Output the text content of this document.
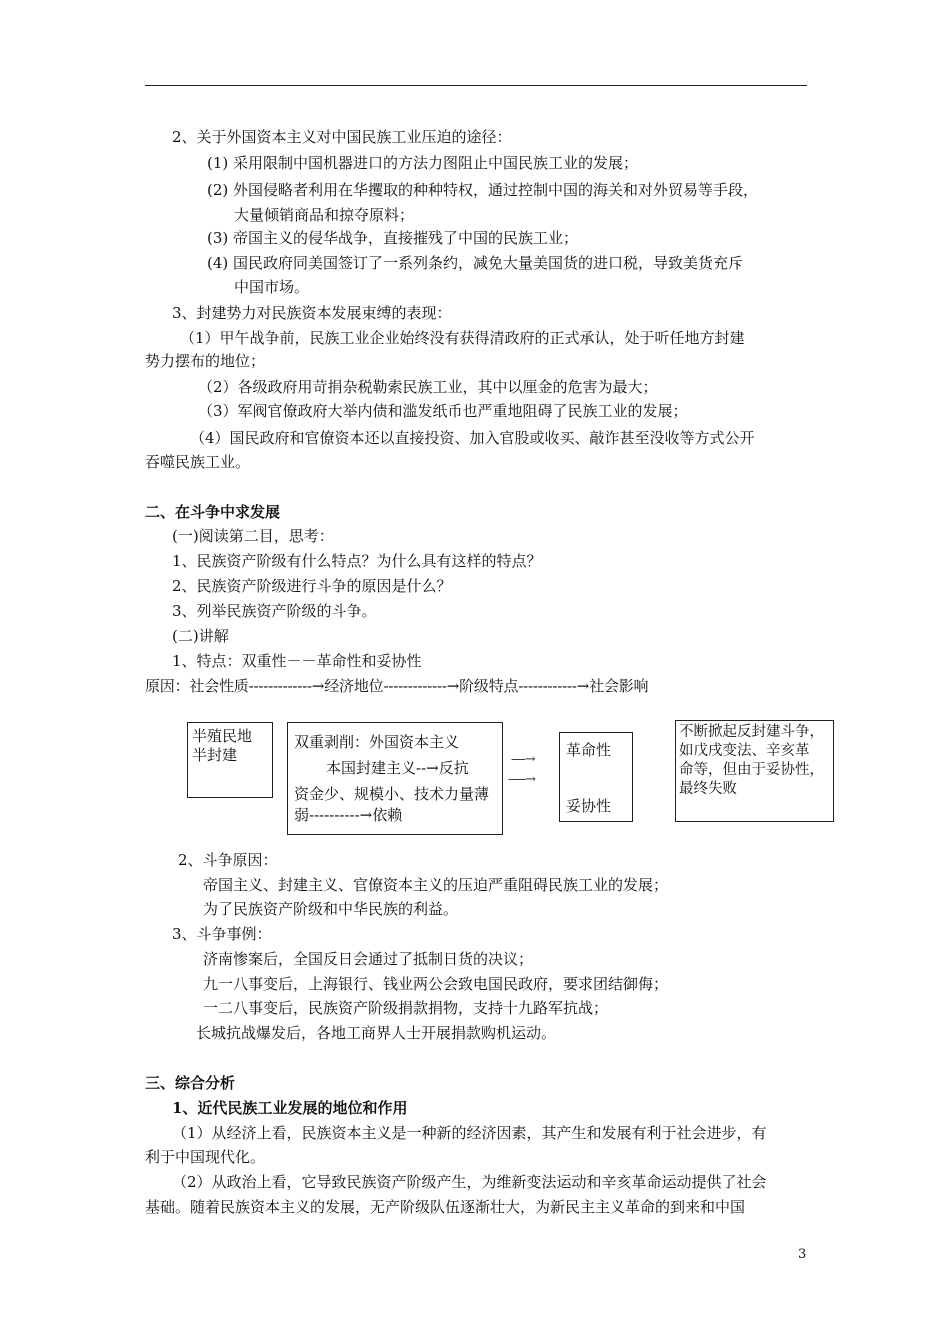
2、关于外国资本主义对中国民族工业压迫的途径：
(1) 采用限制中国机器进口的方法力图阻止中国民族工业的发展；
(2) 外国侵略者利用在华攫取的种种特权，通过控制中国的海关和对外贸易等手段，
大量倾销商品和掠夺原料；
(3) 帝国主义的侵华战争，直接摧残了中国的民族工业；
(4) 国民政府同美国签订了一系列条约，减免大量美国货的进口税，导致美货充斥
中国市场。
3、封建势力对民族资本发展束缚的表现：
（1）甲午战争前，民族工业企业始终没有获得清政府的正式承认，处于听任地方封建
势力摆布的地位；
（2）各级政府用苛捐杂税勒索民族工业，其中以厘金的危害为最大；
（3）军阀官僚政府大举内债和滥发纸币也严重地阻碍了民族工业的发展；
（4）国民政府和官僚资本还以直接投资、加入官股或收买、敲诈甚至没收等方式公开
吞噬民族工业。
二、在斗争中求发展
(一)阅读第二目，思考：
1、民族资产阶级有什么特点？为什么具有这样的特点？
2、民族资产阶级进行斗争的原因是什么？
3、列举民族资产阶级的斗争。
(二)讲解
1、特点：双重性－－革命性和妥协性
原因：社会性质-------------→经济地位-------------→阶级特点------------→社会影响
半殖民地
半封建
双重剥削：外国资本主义
本国封建主义--→反抗
资金少、规模小、技术力量薄
弱----------→依赖
----→
-----→
革命性
妥协性
不断掀起反封建斗争，
如戊戌变法、辛亥革
命等，但由于妥协性，
最终失败
2、斗争原因：
帝国主义、封建主义、官僚资本主义的压迫严重阻碍民族工业的发展；
为了民族资产阶级和中华民族的利益。
3、斗争事例：
济南惨案后，全国反日会通过了抵制日货的决议；
九一八事变后，上海银行、钱业两公会致电国民政府，要求团结御侮；
一二八事变后，民族资产阶级捐款捐物，支持十九路军抗战；
长城抗战爆发后，各地工商界人士开展捐款购机运动。
三、综合分析
1、近代民族工业发展的地位和作用
（1）从经济上看，民族资本主义是一种新的经济因素，其产生和发展有利于社会进步，有
利于中国现代化。
（2）从政治上看，它导致民族资产阶级产生，为维新变法运动和辛亥革命运动提供了社会
基础。随着民族资本主义的发展，无产阶级队伍逐渐壮大，为新民主主义革命的到来和中国
3
